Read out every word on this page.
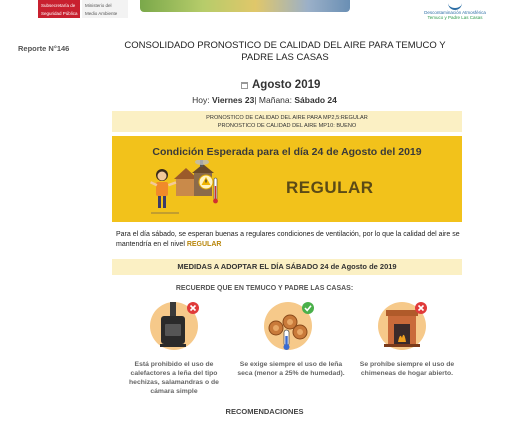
Subsecretaría de
Seguridad Pública
Ministerio del
Medio Ambiente	Descontaminación Atmosférica
Temuco y Padre Las Casas
Reporte N°146	CONSOLIDADO PRONOSTICO DE CALIDAD DEL AIRE PARA TEMUCO Y PADRE LAS CASAS
Agosto 2019
Hoy: Viernes 23| Mañana: Sábado 24
PRONOSTICO DE CALIDAD DEL AIRE PARA MP2,5:REGULAR
PRONOSTICO DE CALIDAD DEL AIRE MP10: BUENO
Condición Esperada para el día 24 de Agosto del 2019
REGULAR
Para el día sábado, se esperan buenas a regulares condiciones de ventilación, por lo que la calidad del aire se mantendría en el nivel REGULAR
MEDIDAS A ADOPTAR EL DÍA SÁBADO 24 de Agosto de 2019
RECUERDE QUE EN TEMUCO Y PADRE LAS CASAS:
Está prohibido el uso de calefactores a leña del tipo hechizas, salamandras o de cámara simple
Se exige siempre el uso de leña seca (menor a 25% de humedad).
Se prohíbe siempre el uso de chimeneas de hogar abierto.
RECOMENDACIONES
